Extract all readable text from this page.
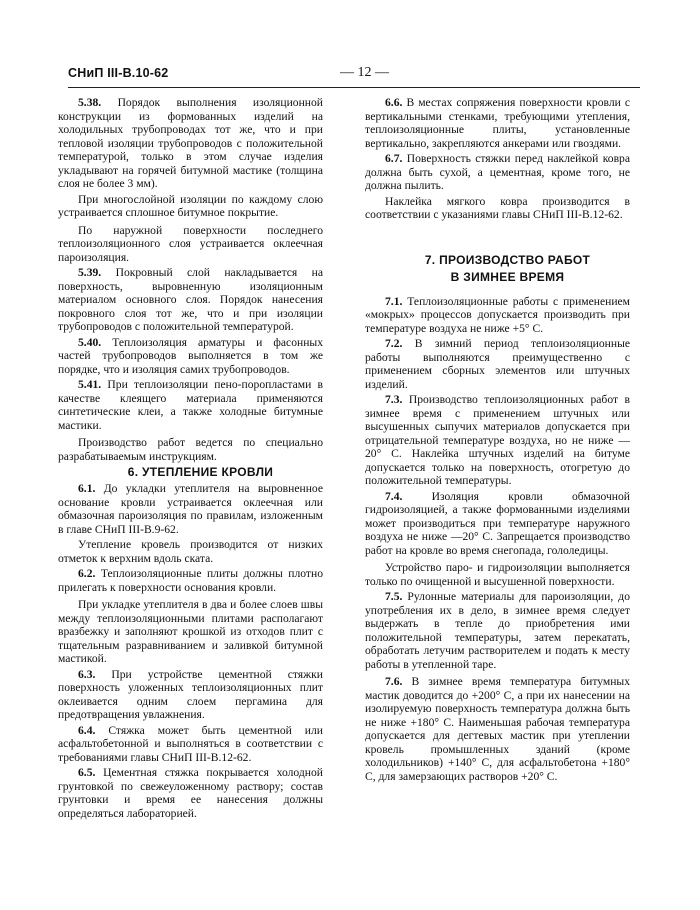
СНиП III-В.10-62	— 12 —

5.38. Порядок выполнения изоляционной конструкции из формованных изделий на холодильных трубопроводах тот же, что и при тепловой изоляции трубопроводов с положительной температурой, только в этом случае изделия укладывают на горячей битумной мастике (толщина слоя не более 3 мм).

При многослойной изоляции по каждому слою устраивается сплошное битумное покрытие.

По наружной поверхности последнего теплоизоляционного слоя устраивается оклеечная пароизоляция.

5.39. Покровный слой накладывается на поверхность, выровненную изоляционным материалом основного слоя. Порядок нанесения покровного слоя тот же, что и при изоляции трубопроводов с положительной температурой.

5.40. Теплоизоляция арматуры и фасонных частей трубопроводов выполняется в том же порядке, что и изоляция самих трубопроводов.

5.41. При теплоизоляции пено-поропластами в качестве клеящего материала применяются синтетические клеи, а также холодные битумные мастики.

Производство работ ведется по специально разрабатываемым инструкциям.

6. УТЕПЛЕНИЕ КРОВЛИ

6.1. До укладки утеплителя на выровненное основание кровли устраивается оклеечная или обмазочная пароизоляция по правилам, изложенным в главе СНиП III-В.9-62.

Утепление кровель производится от низких отметок к верхним вдоль ската.

6.2. Теплоизоляционные плиты должны плотно прилегать к поверхности основания кровли.

При укладке утеплителя в два и более слоев швы между теплоизоляционными плитами располагают вразбежку и заполняют крошкой из отходов плит с тщательным разравниванием и заливкой битумной мастикой.

6.3. При устройстве цементной стяжки поверхность уложенных теплоизоляционных плит оклеивается одним слоем пергамина для предотвращения увлажнения.

6.4. Стяжка может быть цементной или асфальтобетонной и выполняться в соответствии с требованиями главы СНиП III-В.12-62.

6.5. Цементная стяжка покрывается холодной грунтовкой по свежеуложенному раствору; состав грунтовки и время ее нанесения должны определяться лабораторией.

6.6. В местах сопряжения поверхности кровли с вертикальными стенками, требующими утепления, теплоизоляционные плиты, установленные вертикально, закрепляются анкерами или гвоздями.

6.7. Поверхность стяжки перед наклейкой ковра должна быть сухой, а цементная, кроме того, не должна пылить.

Наклейка мягкого ковра производится в соответствии с указаниями главы СНиП III-В.12-62.

7. ПРОИЗВОДСТВО РАБОТ

В ЗИМНЕЕ ВРЕМЯ

7.1. Теплоизоляционные работы с применением «мокрых» процессов допускается производить при температуре воздуха не ниже +5° С.

7.2. В зимний период теплоизоляционные работы выполняются преимущественно с применением сборных элементов или штучных изделий.

7.3. Производство теплоизоляционных работ в зимнее время с применением штучных или высушенных сыпучих материалов допускается при отрицательной температуре воздуха, но не ниже —20° С. Наклейка штучных изделий на битуме допускается только на поверхность, отогретую до положительной температуры.

7.4.	Изоляция кровли обмазочной гидроизоляцией, а также формованными изделиями может производиться при температуре наружного воздуха не ниже —20° С. Запрещается производство работ на кровле во время снегопада, гололедицы.

Устройство паро- и гидроизоляции выполняется только по очищенной и высушенной поверхности.

7.5. Рулонные материалы для пароизоляции, до употребления их в дело, в зимнее время следует выдержать в тепле до приобретения ими положительной температуры, затем перекатать, обработать летучим растворителем и подать к месту работы в утепленной таре.

7.6. В зимнее время температура битумных мастик доводится до +200° С, а при их нанесении на изолируемую поверхность температура должна быть не ниже +180° С. Наименьшая рабочая температура допускается для дегтевых мастик при утеплении кровель промышленных зданий (кроме холодильников) +140° С, для асфальтобетона +180° С, для замерзающих растворов +20° С.
